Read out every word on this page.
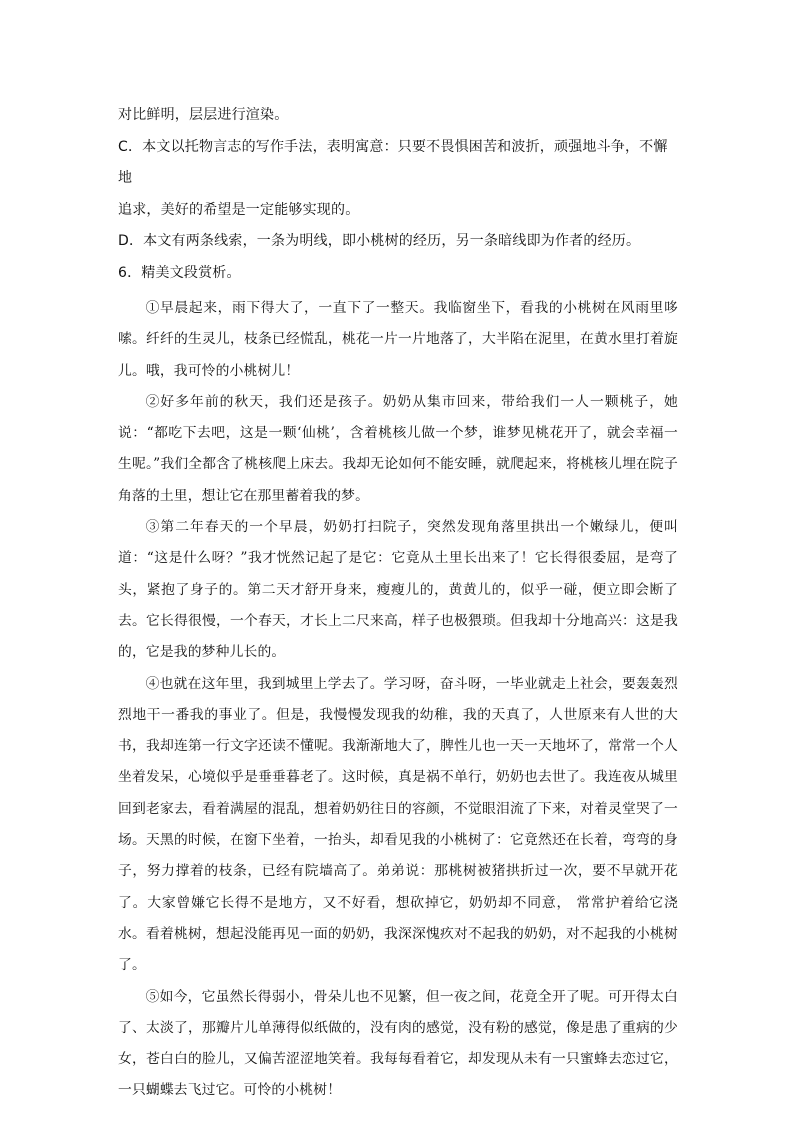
对比鲜明，层层进行渲染。
C．本文以托物言志的写作手法，表明寓意：只要不畏惧困苦和波折，顽强地斗争，不懈地
追求，美好的希望是一定能够实现的。
D．本文有两条线索，一条为明线，即小桃树的经历，另一条暗线即为作者的经历。
6．精美文段赏析。

①早晨起来，雨下得大了，一直下了一整天。我临窗坐下，看我的小桃树在风雨里哆嗦。纤纤的生灵儿，枝条已经慌乱，桃花一片一片地落了，大半陷在泥里，在黄水里打着旋儿。哦，我可怜的小桃树儿！

②好多年前的秋天，我们还是孩子。奶奶从集市回来，带给我们一人一颗桃子，她说：“都吃下去吧，这是一颗‘仙桃’，含着桃核儿做一个梦，谁梦见桃花开了，就会幸福一生呢。”我们全都含了桃核爬上床去。我却无论如何不能安睡，就爬起来，将桃核儿埋在院子角落的土里，想让它在那里蓄着我的梦。

③第二年春天的一个早晨，奶奶打扫院子，突然发现角落里拱出一个嫩绿儿，便叫道：“这是什么呀？”我才恍然记起了是它：它竟从土里长出来了！它长得很委屈，是弯了头，紧抱了身子的。第二天才舒开身来，瘦瘦儿的，黄黄儿的，似乎一碰，便立即会断了去。它长得很慢，一个春天，才长上二尺来高，样子也极猥琐。但我却十分地高兴：这是我的，它是我的梦种儿长的。

④也就在这年里，我到城里上学去了。学习呀，奋斗呀，一毕业就走上社会，要轰轰烈烈地干一番我的事业了。但是，我慢慢发现我的幼稚，我的天真了，人世原来有人世的大书，我却连第一行文字还读不懂呢。我渐渐地大了，脾性儿也一天一天地坏了，常常一个人坐着发呆，心境似乎是垂垂暮老了。这时候，真是祸不单行，奶奶也去世了。我连夜从城里回到老家去，看着满屋的混乱，想着奶奶往日的容颜，不觉眼泪流了下来，对着灵堂哭了一场。天黑的时候，在窗下坐着，一抬头，却看见我的小桃树了：它竟然还在长着，弯弯的身子，努力撑着的枝条，已经有院墙高了。弟弟说：那桃树被猪拱折过一次，要不早就开花了。大家曾嫌它长得不是地方，又不好看，想砍掉它，奶奶却不同意， 常常护着给它浇水。看着桃树，想起没能再见一面的奶奶，我深深愧疚对不起我的奶奶，对不起我的小桃树了。

⑤如今，它虽然长得弱小，骨朵儿也不见繁，但一夜之间，花竟全开了呢。可开得太白了、太淡了，那瓣片儿单薄得似纸做的，没有肉的感觉，没有粉的感觉，像是患了重病的少女，苍白白的脸儿，又偏苦涩涩地笑着。我每每看着它，却发现从未有一只蜜蜂去恋过它，一只蝴蝶去飞过它。可怜的小桃树！
